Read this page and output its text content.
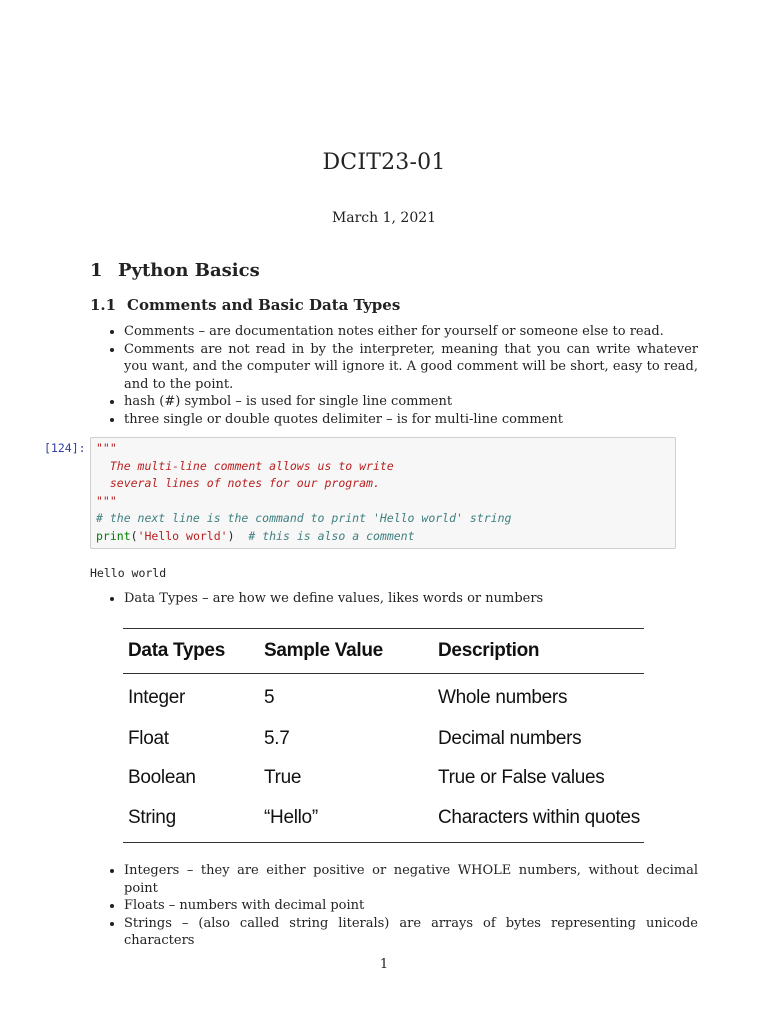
DCIT23-01
March 1, 2021
1 Python Basics
1.1 Comments and Basic Data Types
• Comments – are documentation notes either for yourself or someone else to read.
• Comments are not read in by the interpreter, meaning that you can write whatever you want, and the computer will ignore it. A good comment will be short, easy to read, and to the point.
• hash (#) symbol – is used for single line comment
• three single or double quotes delimiter – is for multi-line comment
[124]: """
The multi-line comment allows us to write
several lines of notes for our program.
"""
# the next line is the command to print 'Hello world' string
print('Hello world')  # this is also a comment
Hello world
• Data Types – are how we define values, likes words or numbers
Data Types	Sample Value	Description
Integer	5	Whole numbers
Float	5.7	Decimal numbers
Boolean	True	True or False values
String	“Hello”	Characters within quotes
• Integers – they are either positive or negative WHOLE numbers, without decimal point
• Floats – numbers with decimal point
• Strings – (also called string literals) are arrays of bytes representing unicode characters
1
